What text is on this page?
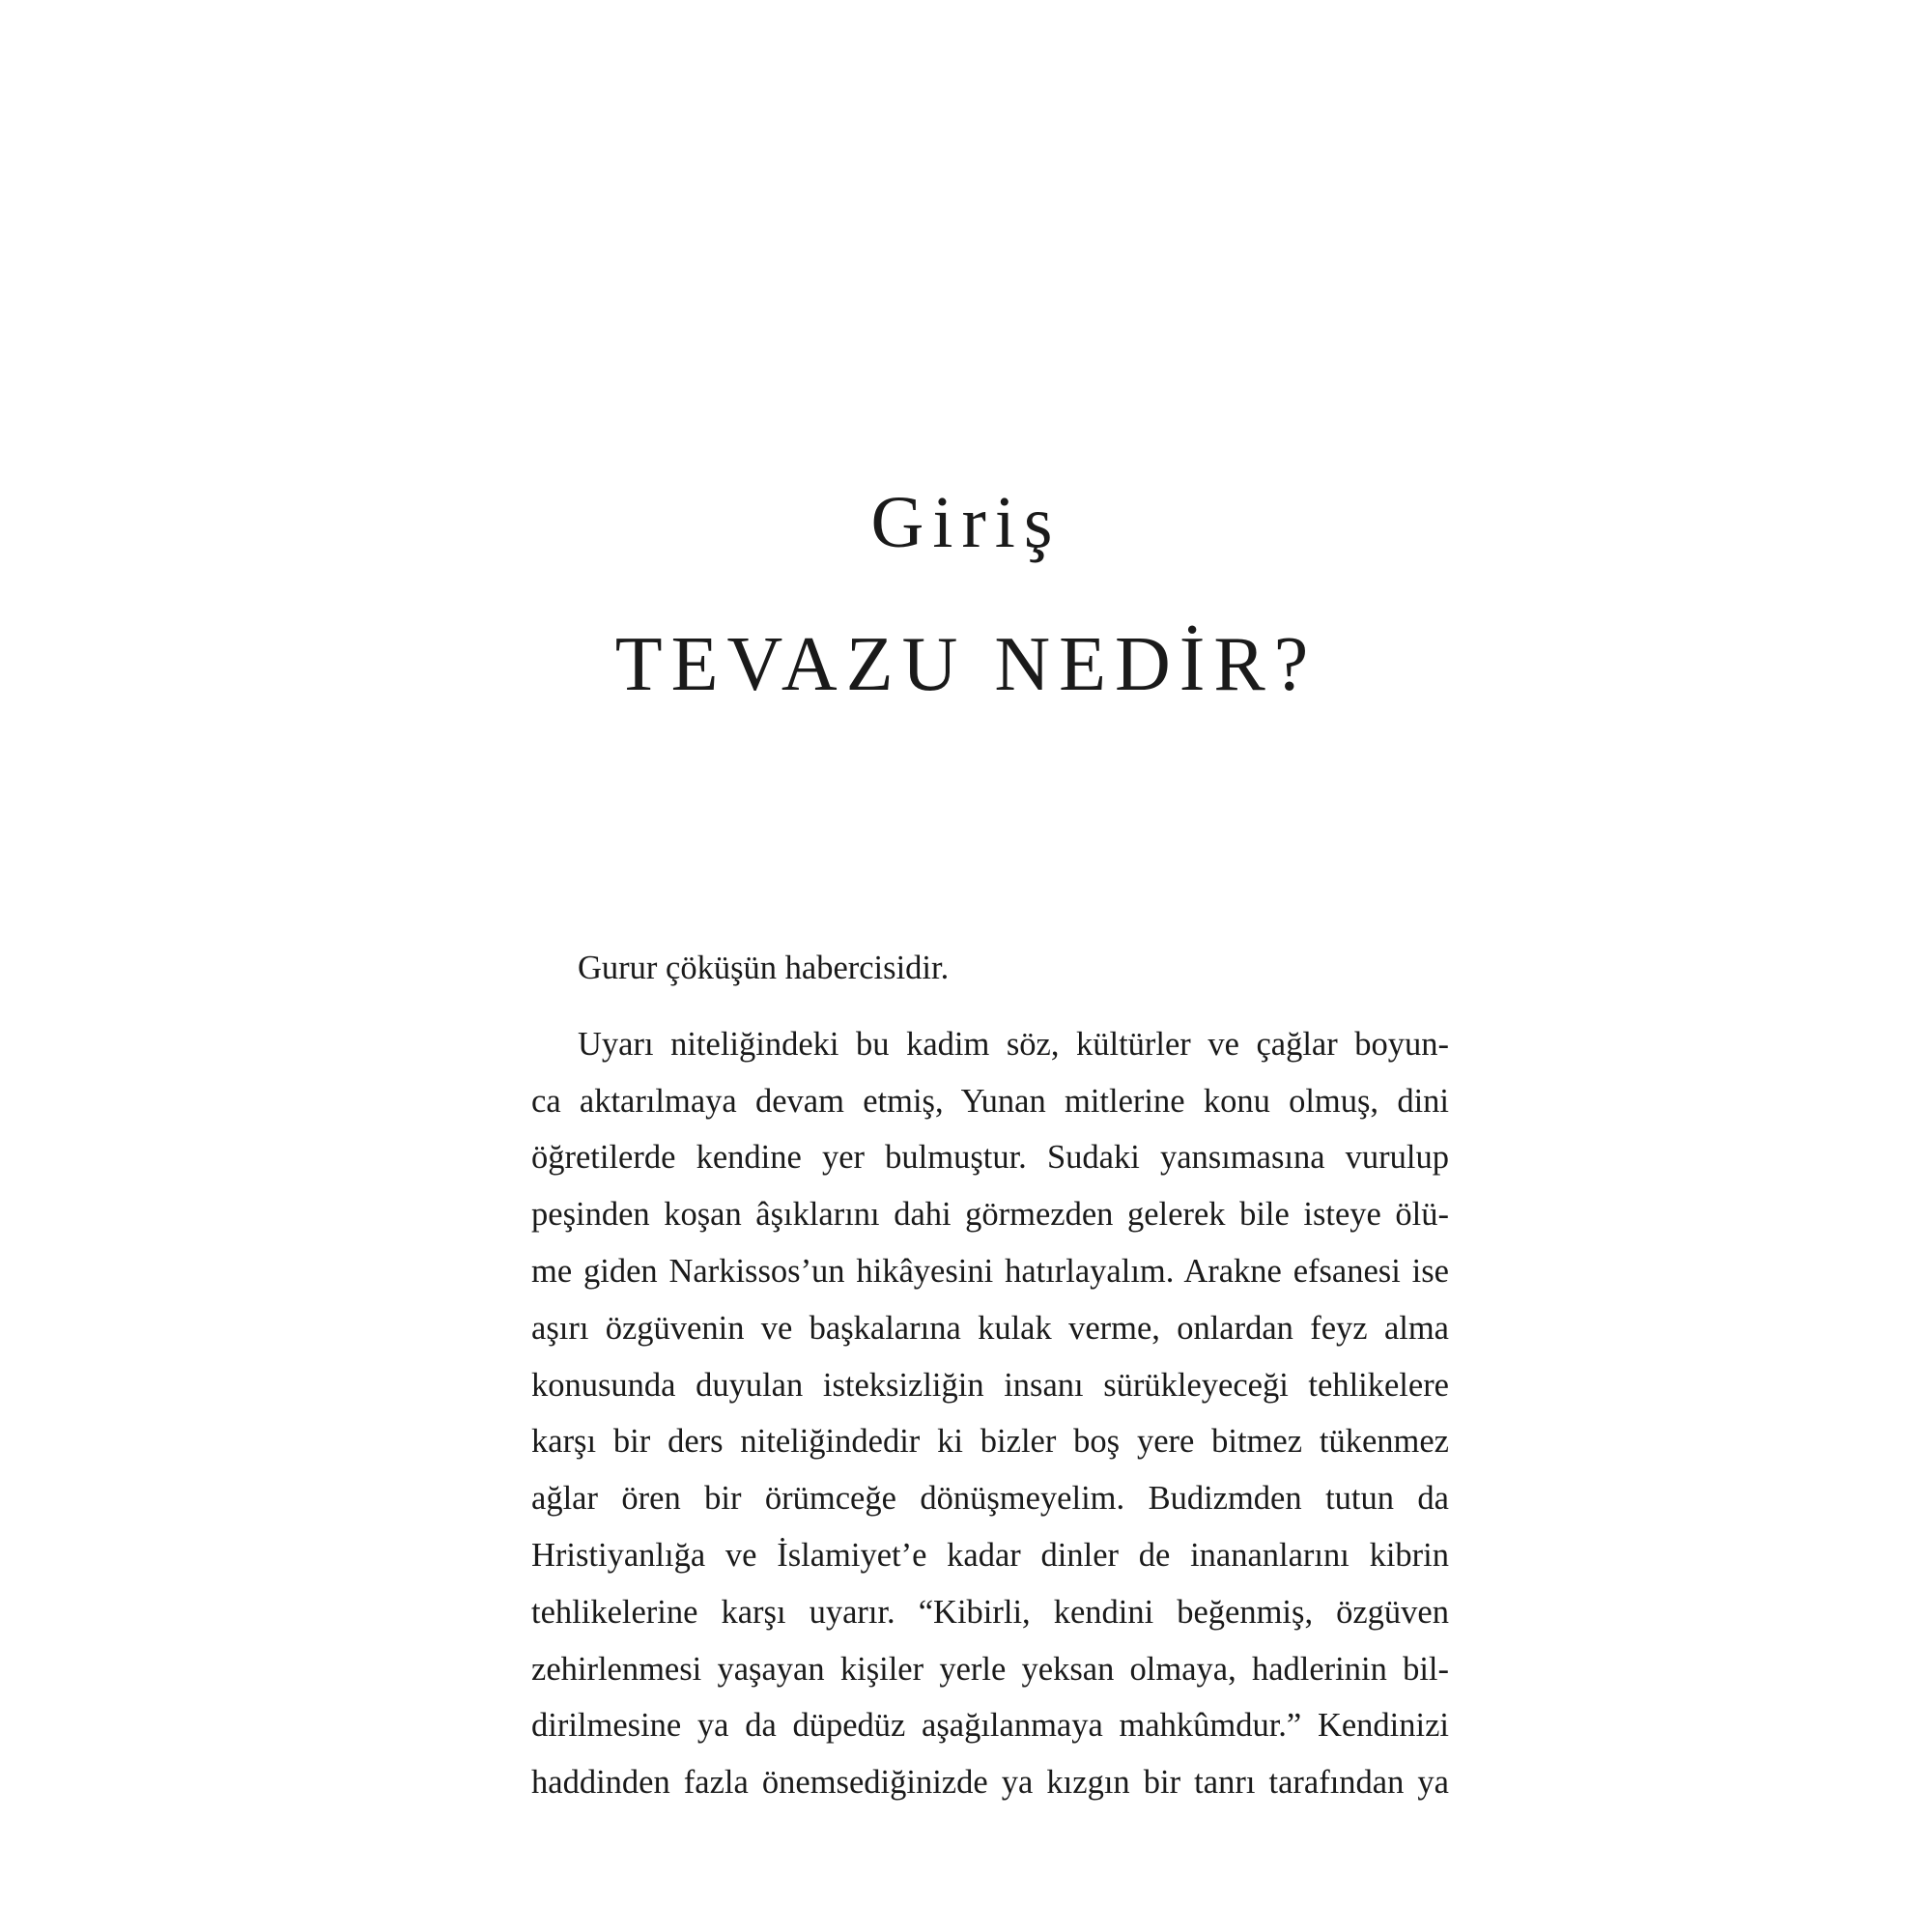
Giriş
TEVAZU NEDİR?
Gurur çöküşün habercisidir.
Uyarı niteliğindeki bu kadim söz, kültürler ve çağlar boyun-
ca aktarılmaya devam etmiş, Yunan mitlerine konu olmuş, dini
öğretilerde kendine yer bulmuştur. Sudaki yansımasına vurulup
peşinden koşan âşıklarını dahi görmezden gelerek bile isteye ölü-
me giden Narkissos’un hikâyesini hatırlayalım. Arakne efsanesi ise
aşırı özgüvenin ve başkalarına kulak verme, onlardan feyz alma
konusunda duyulan isteksizliğin insanı sürükleyeceği tehlikelere
karşı bir ders niteliğindedir ki bizler boş yere bitmez tükenmez
ağlar ören bir örümceğe dönüşmeyelim. Budizmden tutun da
Hristiyanlığa ve İslamiyet’e kadar dinler de inananlarını kibrin
tehlikelerine karşı uyarır. “Kibirli, kendini beğenmiş, özgüven
zehirlenmesi yaşayan kişiler yerle yeksan olmaya, hadlerinin bil-
dirilmesine ya da düpedüz aşağılanmaya mahkûmdur.” Kendinizi
haddinden fazla önemsediğinizde ya kızgın bir tanrı tarafından ya
